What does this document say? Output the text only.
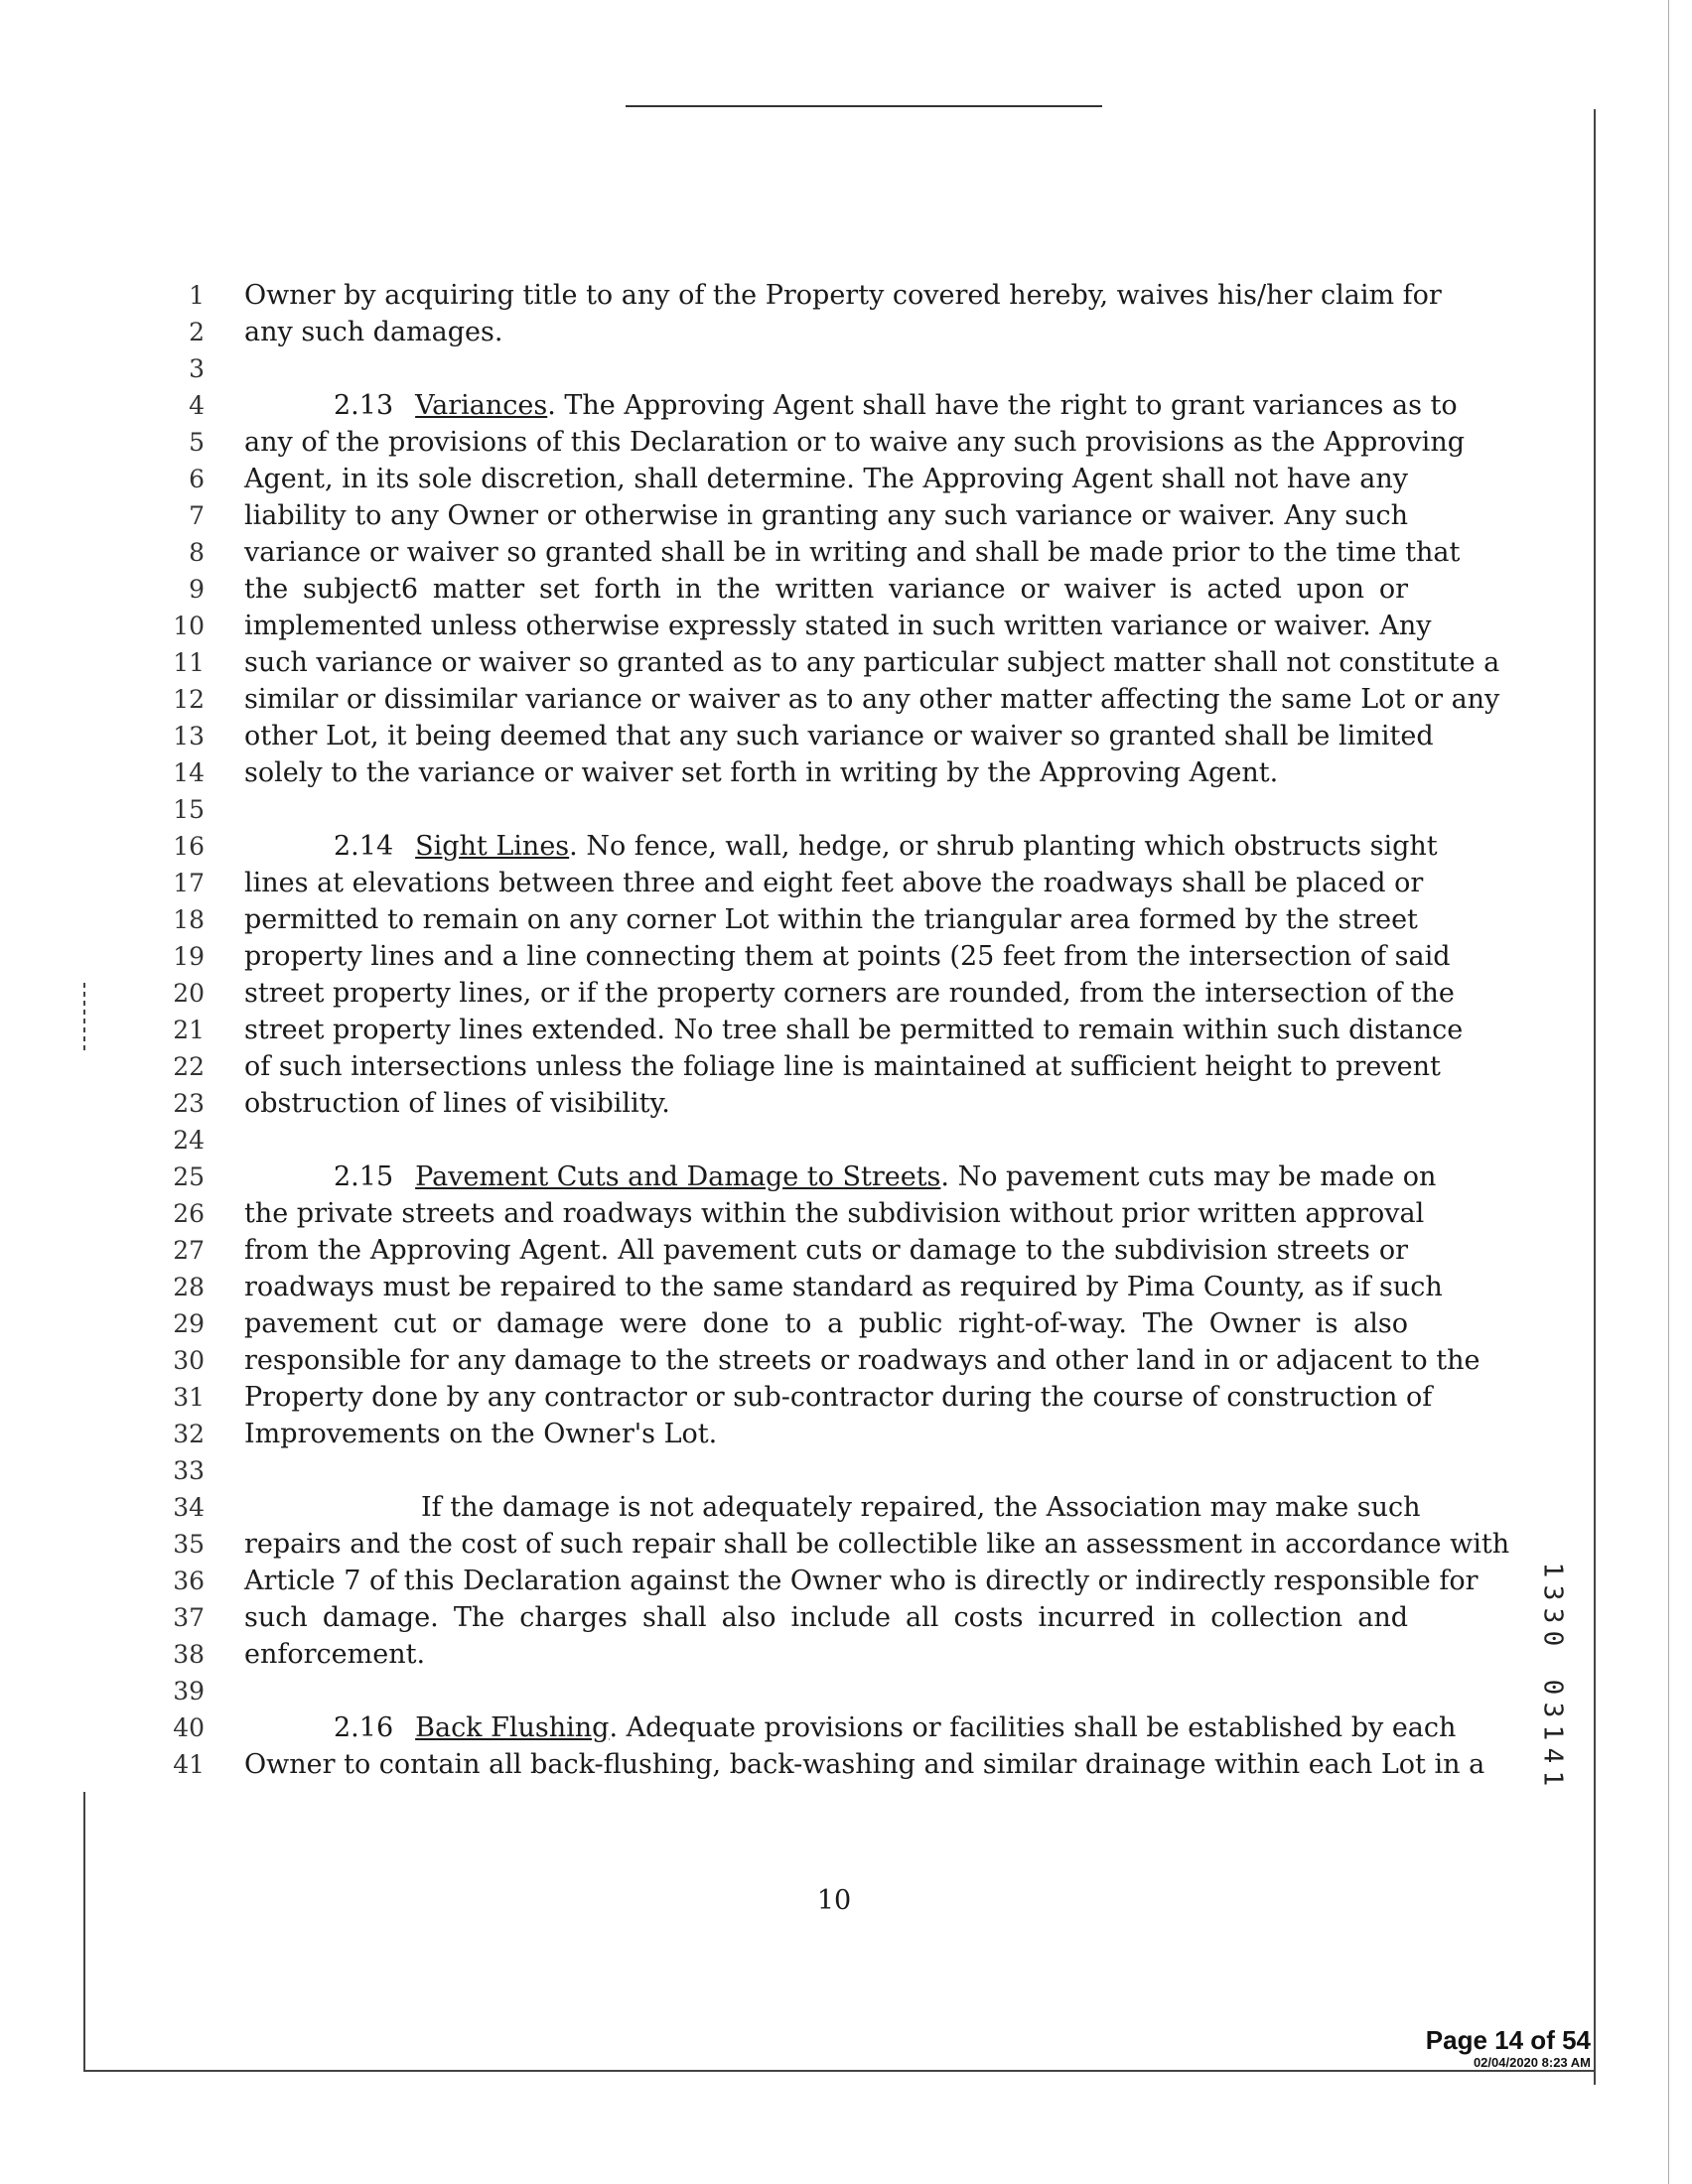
1
2
3
4
5
6
7
8
9
10
11
12
13
14
15
16
17
18
19
20
21
22
23
24
25
26
27
28
29
30
31
32
33
34
35
36
37
38
39
40
41
Owner by acquiring title to any of the Property covered hereby, waives his/her claim for
any such damages.
2.13 Variances. The Approving Agent shall have the right to grant variances as to
any of the provisions of this Declaration or to waive any such provisions as the Approving
Agent, in its sole discretion, shall determine. The Approving Agent shall not have any
liability to any Owner or otherwise in granting any such variance or waiver. Any such
variance or waiver so granted shall be in writing and shall be made prior to the time that
the subject6 matter set forth in the written variance or waiver is acted upon or
implemented unless otherwise expressly stated in such written variance or waiver. Any
such variance or waiver so granted as to any particular subject matter shall not constitute a
similar or dissimilar variance or waiver as to any other matter affecting the same Lot or any
other Lot, it being deemed that any such variance or waiver so granted shall be limited
solely to the variance or waiver set forth in writing by the Approving Agent.
2.14 Sight Lines. No fence, wall, hedge, or shrub planting which obstructs sight
lines at elevations between three and eight feet above the roadways shall be placed or
permitted to remain on any corner Lot within the triangular area formed by the street
property lines and a line connecting them at points (25 feet from the intersection of said
street property lines, or if the property corners are rounded, from the intersection of the
street property lines extended. No tree shall be permitted to remain within such distance
of such intersections unless the foliage line is maintained at sufficient height to prevent
obstruction of lines of visibility.
2.15 Pavement Cuts and Damage to Streets. No pavement cuts may be made on
the private streets and roadways within the subdivision without prior written approval
from the Approving Agent. All pavement cuts or damage to the subdivision streets or
roadways must be repaired to the same standard as required by Pima County, as if such
pavement cut or damage were done to a public right-of-way. The Owner is also
responsible for any damage to the streets or roadways and other land in or adjacent to the
Property done by any contractor or sub-contractor during the course of construction of
Improvements on the Owner's Lot.
If the damage is not adequately repaired, the Association may make such
repairs and the cost of such repair shall be collectible like an assessment in accordance with
Article 7 of this Declaration against the Owner who is directly or indirectly responsible for
such damage. The charges shall also include all costs incurred in collection and
enforcement.
2.16 Back Flushing. Adequate provisions or facilities shall be established by each
Owner to contain all back-flushing, back-washing and similar drainage within each Lot in a
10
1
3
3
0
0
3
1
4
1
Page 14 of 54
02/04/2020 8:23 AM
